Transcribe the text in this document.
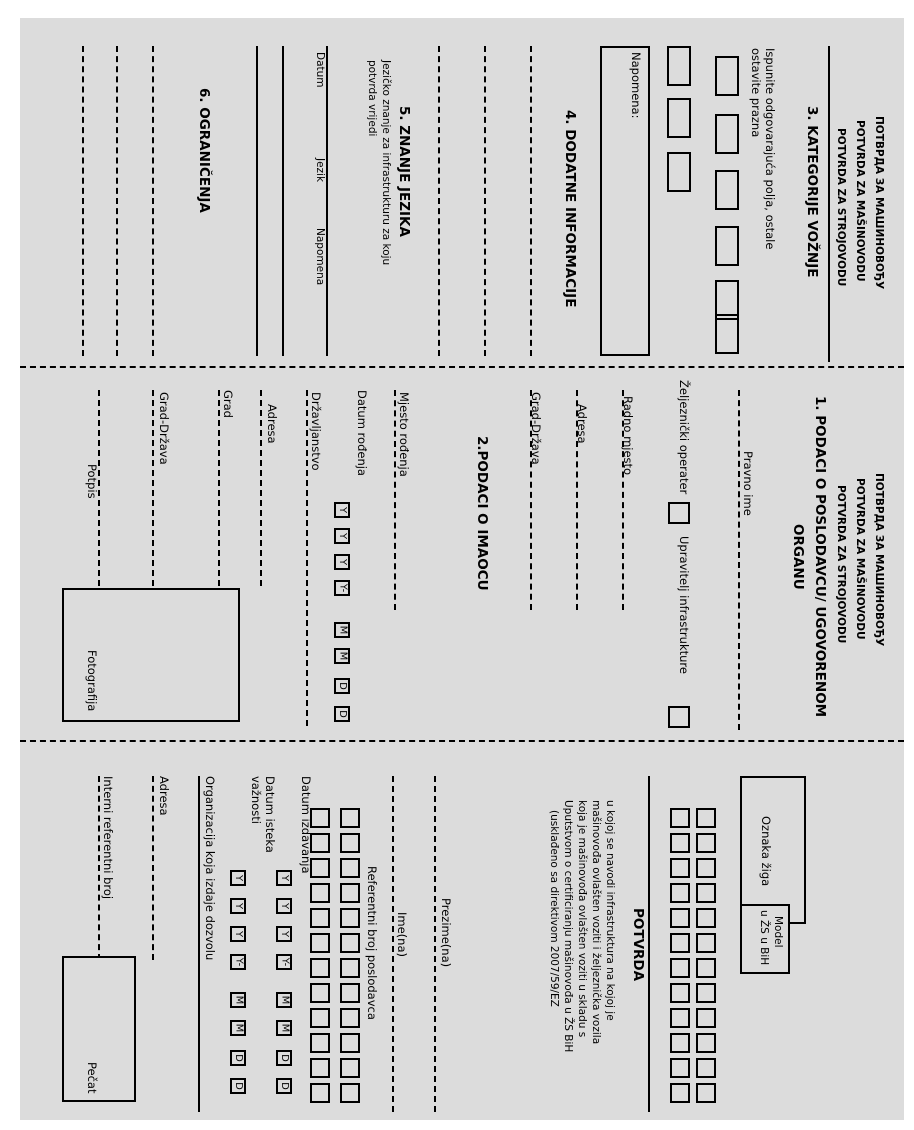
ПОТВРДА ЗА МАШИНОВОЂУ
POTVRDA ZA MAŠINOVODU
POTVRDA ZA STROJOVODU
3. KATEGORIJE VOŽNJE
Ispunite odgovarajuća polja, ostale
ostavite prazna
4. DODATNE INFORMACIJE
Napomena:
5. ZNANJE JEZIKA
Jezičko znanje za infrastrukturu za koju
potvrda vrijedi
Datum
Jezik
Napomena
6. OGRANIČENJA
ПОТВРДА ЗА МАШИНОВОЂУ
POTVRDA ZA MAŠINOVODU
POTVRDA ZA STROJOVODU
1. PODACI O POSLODAVCU/ UGOVORENOM
ORGANU
Pravno ime
Željeznički operater
Upravitelj infrastrukture
Radno mjesto
Adresa
Grad-Država
2.PODACI O IMAOCU
Mjesto rođenja
Datum rođenja
Y
Y
Y
Y-
M
M
D
D
Državljanstvo
Adresa
Grad
Grad-Država
Potpis
Fotografija
Oznaka žiga
Model
u ŽS u BiH
POTVRDA
u kojoj se navodi infrastruktura na kojoj je
mašinovođa ovlašten voziti i željeznička vozila
koja je mašinovođa ovlašten voziti u skladu s
Uputstvom o certificiranju mašinovođa u ŽS BiH
(usklađeno sa direktivom 2007/59/EZ
Prezime(na)
Ime(na)
Referentni broj poslodavca
Datum izdavanja
Datum isteka
važnosti
Y
Y
Y
Y-
M
M
D
D
Y
Y
Y
Y-
M
M
D
D
Organizacija koja izdaje dozvolu
Adresa
Interni referentni broj
Pečat
